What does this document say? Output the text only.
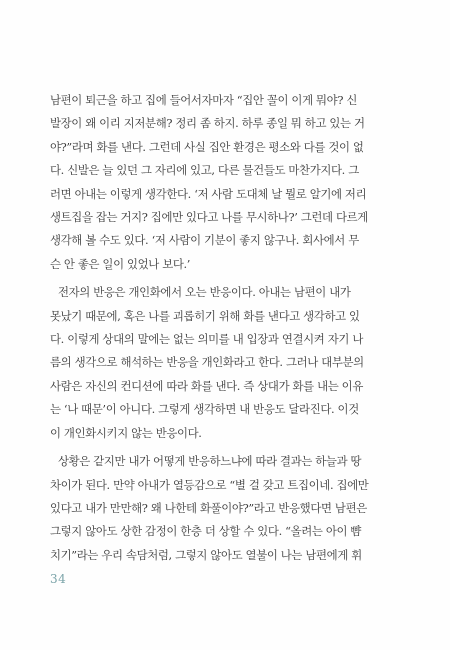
남편이 퇴근을 하고 집에 들어서자마자 “집안 꼴이 이게 뭐야? 신
발장이 왜 이리 지저분해? 정리 좀 하지. 하루 종일 뭐 하고 있는 거
야?”라며 화를 낸다. 그런데 사실 집안 환경은 평소와 다를 것이 없
다. 신발은 늘 있던 그 자리에 있고, 다른 물건들도 마찬가지다. 그
러면 아내는 이렇게 생각한다. ‘저 사람 도대체 날 뭘로 알기에 저리
생트집을 잡는 거지? 집에만 있다고 나를 무시하나?’ 그런데 다르게
생각해 볼 수도 있다. ‘저 사람이 기분이 좋지 않구나. 회사에서 무
슨 안 좋은 일이 있었나 보다.’

전자의 반응은 개인화에서 오는 반응이다. 아내는 남편이 내가
못났기 때문에, 혹은 나를 괴롭히기 위해 화를 낸다고 생각하고 있
다. 이렇게 상대의 말에는 없는 의미를 내 입장과 연결시켜 자기 나
름의 생각으로 해석하는 반응을 개인화라고 한다. 그러나 대부분의
사람은 자신의 컨디션에 따라 화를 낸다. 즉 상대가 화를 내는 이유
는 ‘나 때문’이 아니다. 그렇게 생각하면 내 반응도 달라진다. 이것
이 개인화시키지 않는 반응이다.

상황은 같지만 내가 어떻게 반응하느냐에 따라 결과는 하늘과 땅
차이가 된다. 만약 아내가 열등감으로 “별 걸 갖고 트집이네. 집에만
있다고 내가 만만해? 왜 나한테 화풀이야?”라고 반응했다면 남편은
그렇지 않아도 상한 감정이 한층 더 상할 수 있다. “올려는 아이 뺨
치기”라는 우리 속담처럼, 그렇지 않아도 열불이 나는 남편에게 휘

34
